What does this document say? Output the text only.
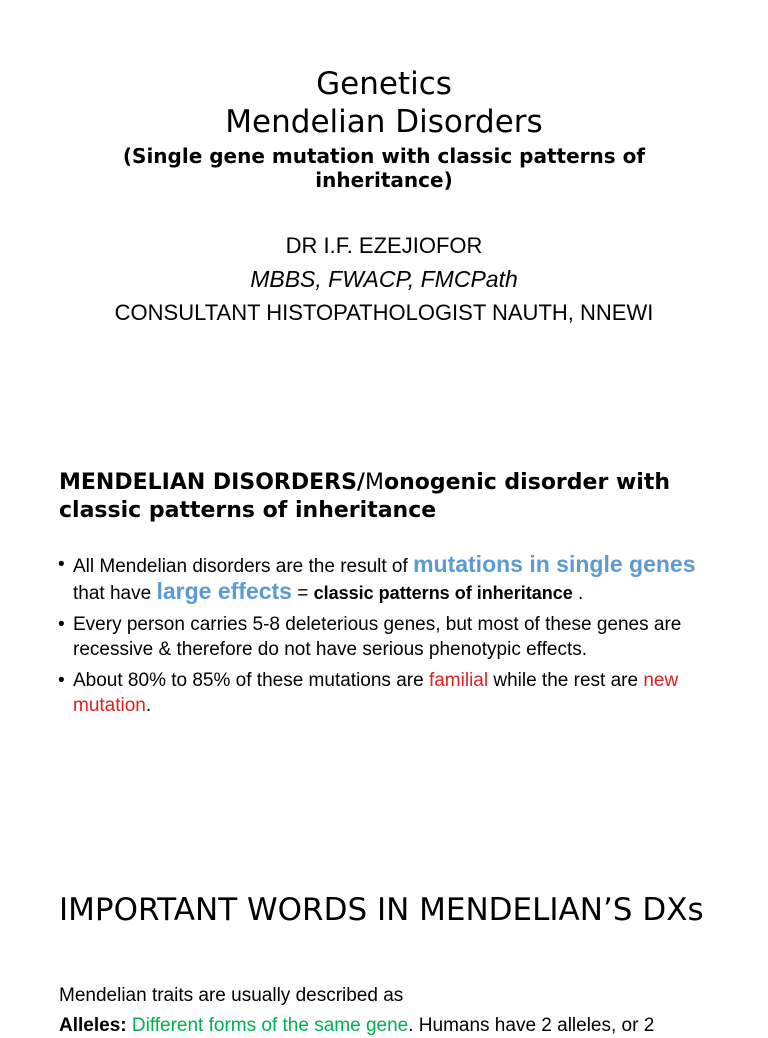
Genetics
Mendelian Disorders
(Single gene mutation with classic patterns of inheritance)
DR I.F. EZEJIOFOR
MBBS, FWACP, FMCPath
CONSULTANT HISTOPATHOLOGIST NAUTH, NNEWI
MENDELIAN DISORDERS/Monogenic disorder with classic patterns of inheritance
• All Mendelian disorders are the result of mutations in single genes that have large effects = classic patterns of inheritance .
• Every person carries 5-8 deleterious genes, but most of these genes are recessive & therefore do not have serious phenotypic effects.
• About 80% to 85% of these mutations are familial while the rest are new mutation.
IMPORTANT WORDS IN MENDELIAN’S DXs
Mendelian traits are usually described as
Alleles: Different forms of the same gene. Humans have 2 alleles, or 2
